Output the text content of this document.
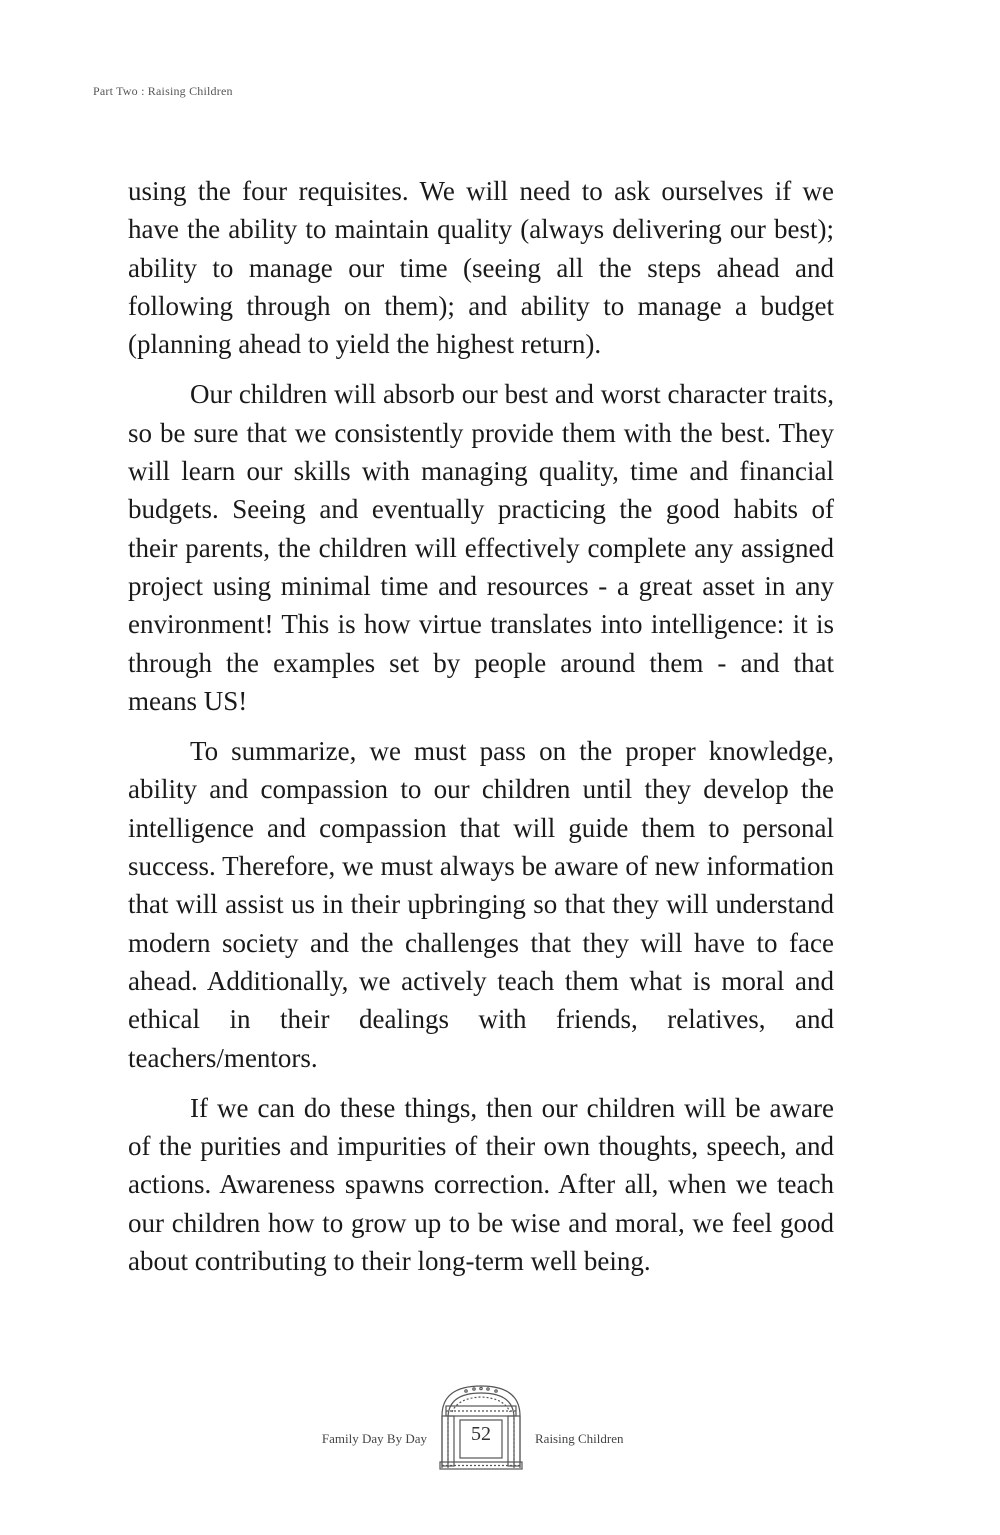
Part Two : Raising Children

using the four requisites. We will need to ask ourselves if we have the ability to maintain quality (always delivering our best); ability to manage our time (seeing all the steps ahead and following through on them); and ability to manage a budget (planning ahead to yield the highest return).

Our children will absorb our best and worst character traits, so be sure that we consistently provide them with the best. They will learn our skills with managing quality, time and financial budgets. Seeing and eventually practicing the good habits of their parents, the children will effectively complete any assigned project using minimal time and resources - a great asset in any environment! This is how virtue translates into intelligence: it is through the examples set by people around them - and that means US!

To summarize, we must pass on the proper knowledge, ability and compassion to our children until they develop the intelligence and compassion that will guide them to personal success. Therefore, we must always be aware of new information that will assist us in their upbringing so that they will understand modern society and the challenges that they will have to face ahead. Additionally, we actively teach them what is moral and ethical in their dealings with friends, relatives, and teachers/mentors.

If we can do these things, then our children will be aware of the purities and impurities of their own thoughts, speech, and actions. Awareness spawns correction. After all, when we teach our children how to grow up to be wise and moral, we feel good about contributing to their long-term well being.

Family Day By Day	52	Raising Children
